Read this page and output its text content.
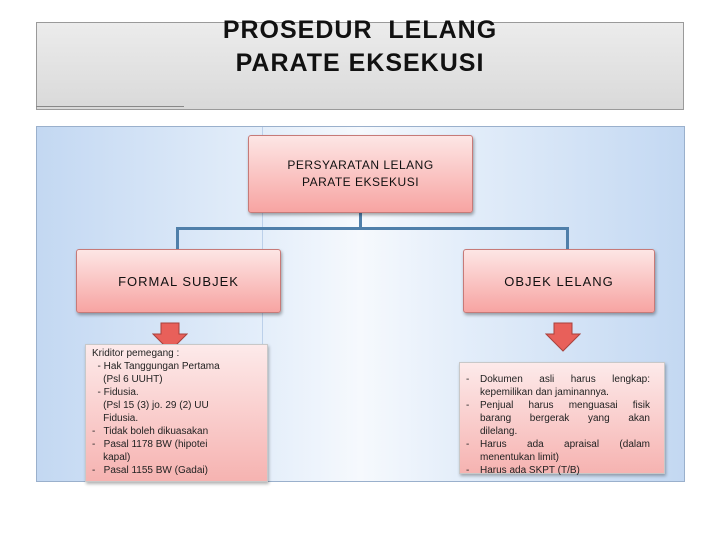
PROSEDUR  LELANG
PARATE EKSEKUSI
PERSYARATAN LELANG
PARATE EKSEKUSI
FORMAL SUBJEK	OBJEK LELANG
Kriditor pemegang :
- Hak Tanggungan Pertama
(Psl 6 UUHT)
- Fidusia.
(Psl 15 (3) jo. 29 (2) UU
Fidusia.
-   Tidak boleh dikuasakan
-   Pasal 1178 BW (hipotei
kapal)
-   Pasal 1155 BW (Gadai)
-	Dokumen asli harus lengkap:
kepemilikan dan jaminannya.
-	Penjual harus menguasai fisik
barang bergerak yang akan
dilelang.
-	Harus ada apraisal (dalam
menentukan limit)
-	Harus ada SKPT (T/B)
